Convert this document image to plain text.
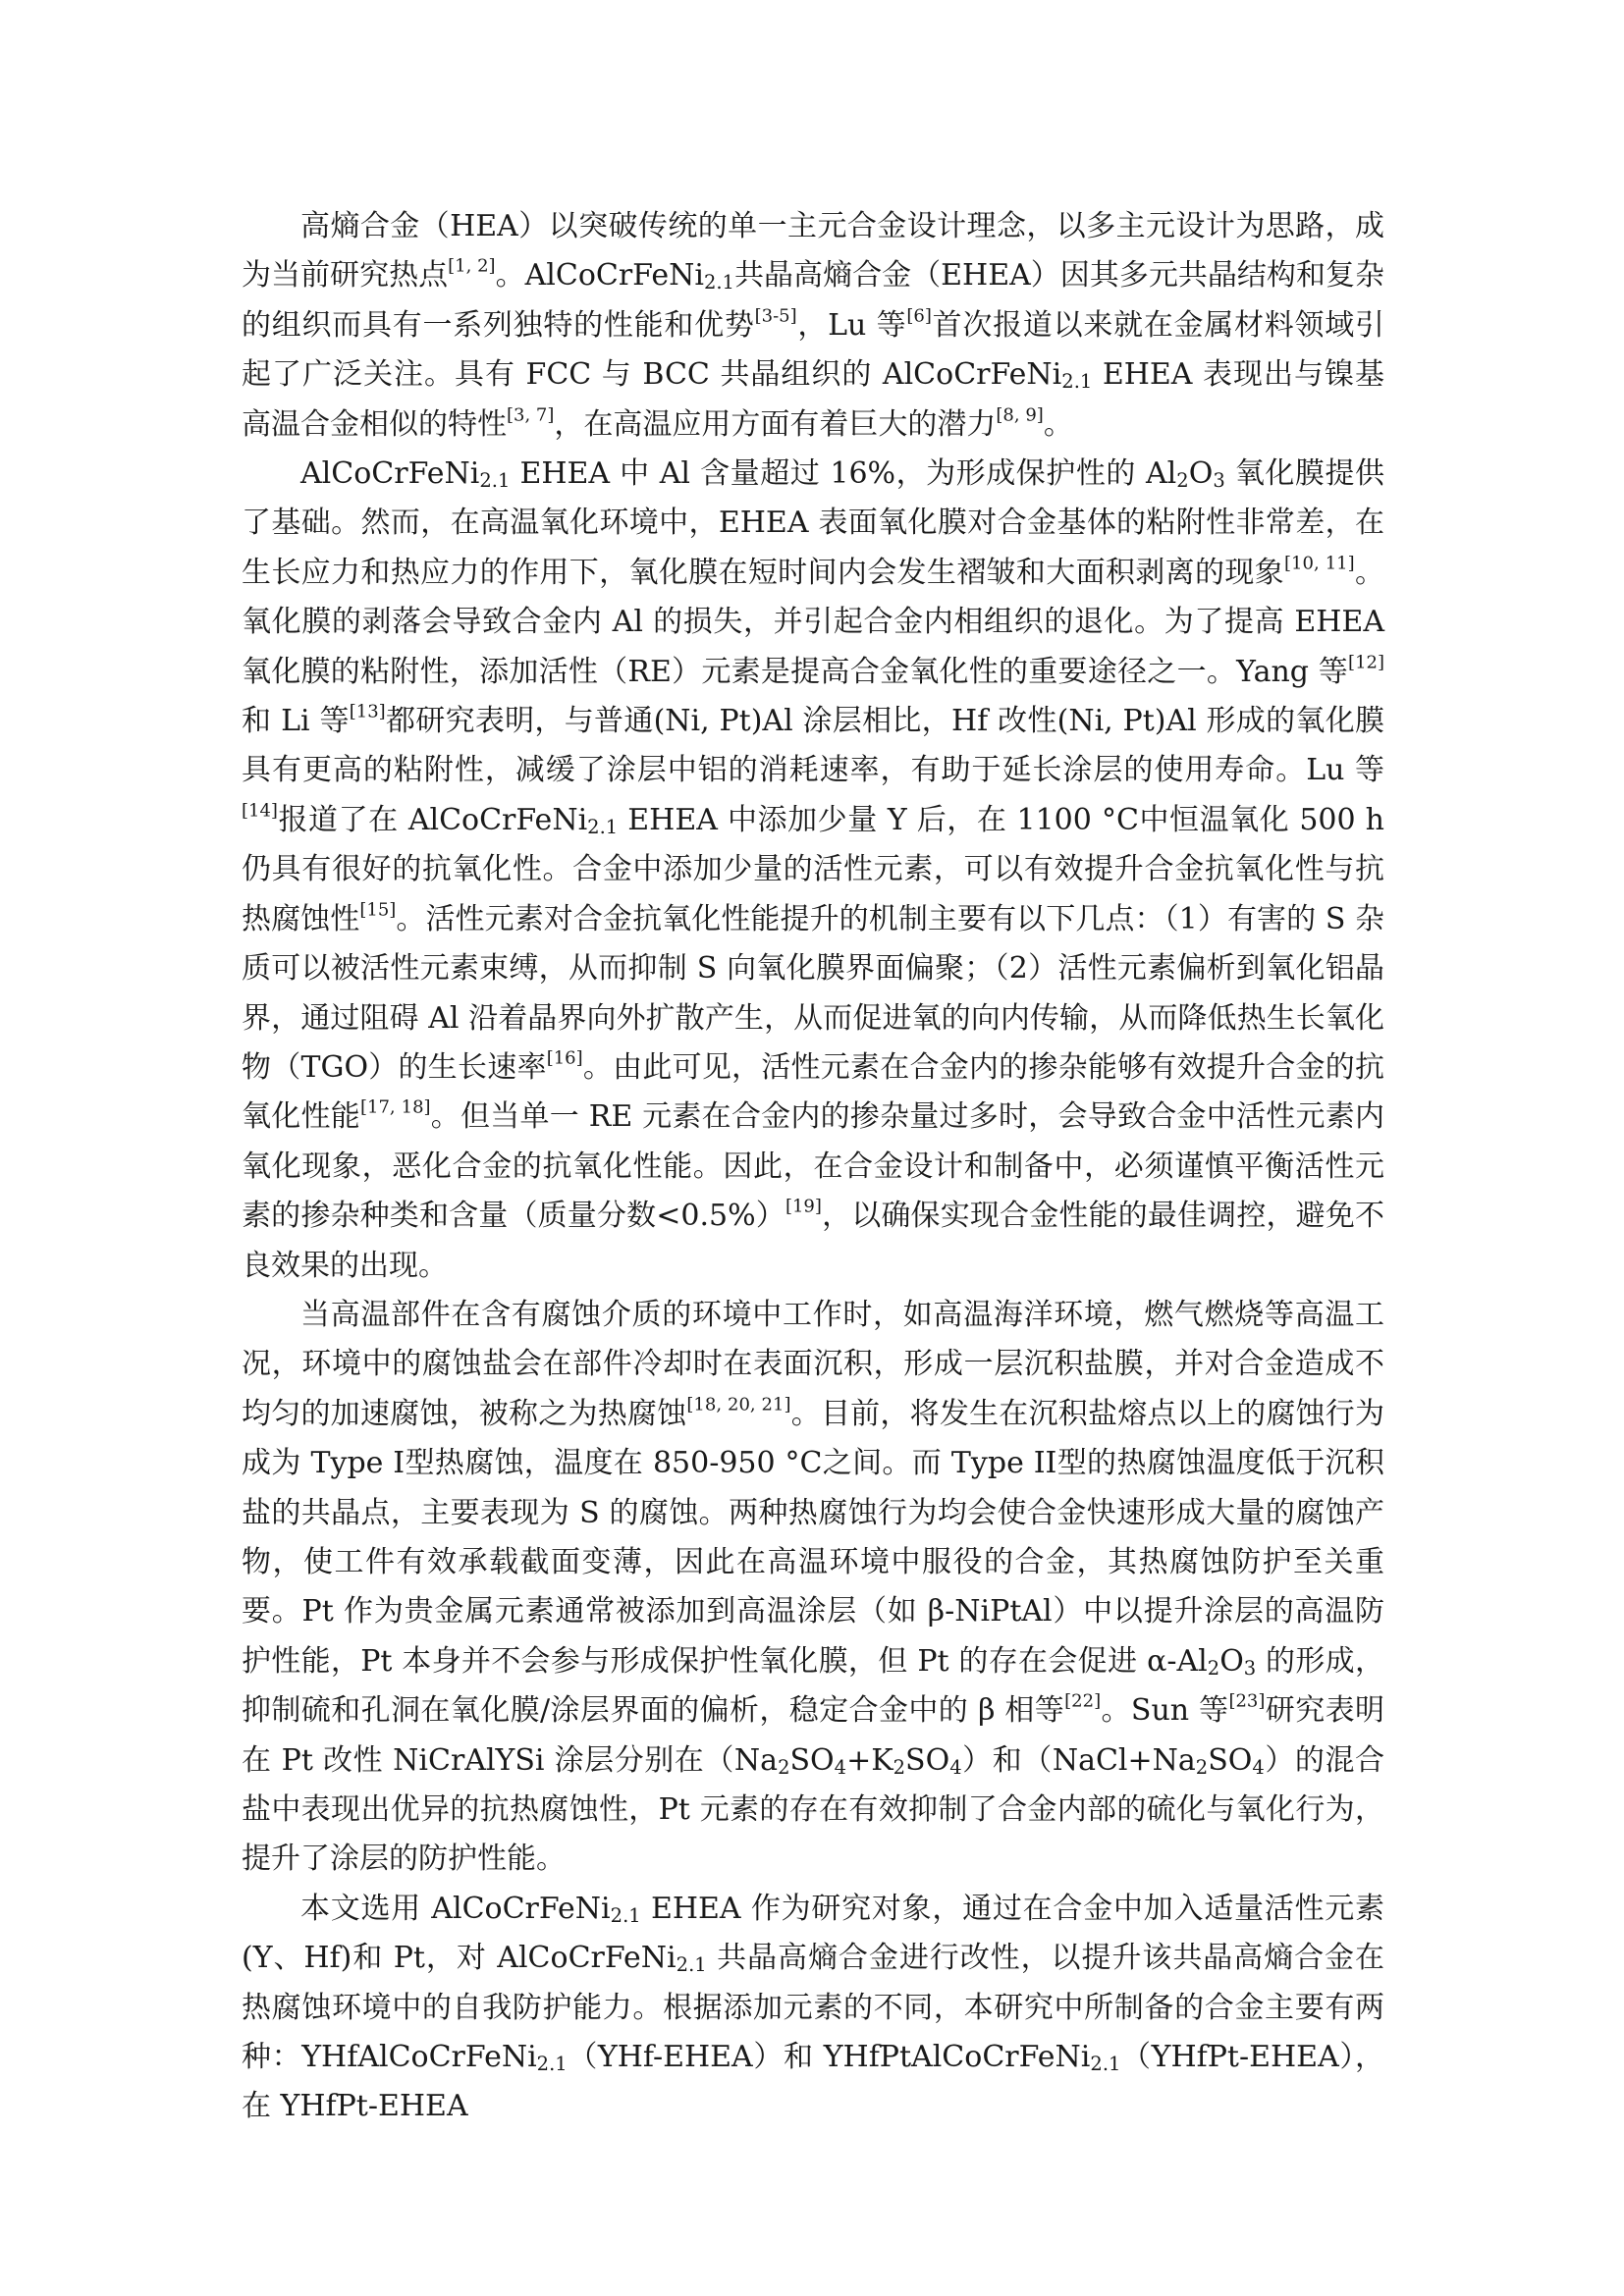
高熵合金（HEA）以突破传统的单一主元合金设计理念，以多主元设计为思路，成为当前研究热点[1, 2]。AlCoCrFeNi$_{2.1}$共晶高熵合金（EHEA）因其多元共晶结构和复杂的组织而具有一系列独特的性能和优势[3-5]，Lu 等[6]首次报道以来就在金属材料领域引起了广泛关注。具有 FCC 与 BCC 共晶组织的 AlCoCrFeNi$_{2.1}$ EHEA 表现出与镍基高温合金相似的特性[3, 7]，在高温应用方面有着巨大的潜力[8, 9]。

AlCoCrFeNi$_{2.1}$ EHEA 中 Al 含量超过 16%，为形成保护性的 $Al_2O_3$ 氧化膜提供了基础。然而，在高温氧化环境中，EHEA 表面氧化膜对合金基体的粘附性非常差，在生长应力和热应力的作用下，氧化膜在短时间内会发生褶皱和大面积剥离的现象[10, 11]。氧化膜的剥落会导致合金内 Al 的损失，并引起合金内相组织的退化。为了提高 EHEA 氧化膜的粘附性，添加活性（RE）元素是提高合金氧化性的重要途径之一。Yang 等[12]和 Li 等[13]都研究表明，与普通(Ni, Pt)Al 涂层相比，Hf 改性(Ni, Pt)Al 形成的氧化膜具有更高的粘附性，减缓了涂层中铝的消耗速率，有助于延长涂层的使用寿命。Lu 等[14]报道了在 AlCoCrFeNi$_{2.1}$ EHEA 中添加少量 Y 后，在 1100 °C中恒温氧化 500 h 仍具有很好的抗氧化性。合金中添加少量的活性元素，可以有效提升合金抗氧化性与抗热腐蚀性[15]。活性元素对合金抗氧化性能提升的机制主要有以下几点：（1）有害的 S 杂质可以被活性元素束缚，从而抑制 S 向氧化膜界面偏聚；（2）活性元素偏析到氧化铝晶界，通过阻碍 Al 沿着晶界向外扩散产生，从而促进氧的向内传输，从而降低热生长氧化物（TGO）的生长速率[16]。由此可见，活性元素在合金内的掺杂能够有效提升合金的抗氧化性能[17, 18]。但当单一 RE 元素在合金内的掺杂量过多时，会导致合金中活性元素内氧化现象，恶化合金的抗氧化性能。因此，在合金设计和制备中，必须谨慎平衡活性元素的掺杂种类和含量（质量分数<0.5%）[19]，以确保实现合金性能的最佳调控，避免不良效果的出现。

当高温部件在含有腐蚀介质的环境中工作时，如高温海洋环境，燃气燃烧等高温工况，环境中的腐蚀盐会在部件冷却时在表面沉积，形成一层沉积盐膜，并对合金造成不均匀的加速腐蚀，被称之为热腐蚀[18, 20, 21]。目前，将发生在沉积盐熔点以上的腐蚀行为成为 Type I型热腐蚀，温度在 850-950 °C之间。而 Type II型的热腐蚀温度低于沉积盐的共晶点，主要表现为 S 的腐蚀。两种热腐蚀行为均会使合金快速形成大量的腐蚀产物，使工件有效承载截面变薄，因此在高温环境中服役的合金，其热腐蚀防护至关重要。Pt 作为贵金属元素通常被添加到高温涂层（如 β-NiPtAl）中以提升涂层的高温防护性能，Pt 本身并不会参与形成保护性氧化膜，但 Pt 的存在会促进 $\alpha-Al_2O_3$ 的形成，抑制硫和孔洞在氧化膜/涂层界面的偏析，稳定合金中的 β 相等[22]。Sun 等[23]研究表明在 Pt 改性 NiCrAlYSi 涂层分别在$(Na_2SO_4+K_2SO_4)$和$(NaCl+Na_2SO_4)$的混合盐中表现出优异的抗热腐蚀性，Pt 元素的存在有效抑制了合金内部的硫化与氧化行为，提升了涂层的防护性能。

本文选用 AlCoCrFeNi$_{2.1}$ EHEA 作为研究对象，通过在合金中加入适量活性元素(Y、Hf)和 Pt，对 AlCoCrFeNi$_{2.1}$ 共晶高熵合金进行改性，以提升该共晶高熵合金在热腐蚀环境中的自我防护能力。根据添加元素的不同，本研究中所制备的合金主要有两种：YHfAlCoCrFeNi$_{2.1}$（YHf-EHEA）和 YHfPtAlCoCrFeNi$_{2.1}$（YHfPt-EHEA），在 YHfPt-EHEA
